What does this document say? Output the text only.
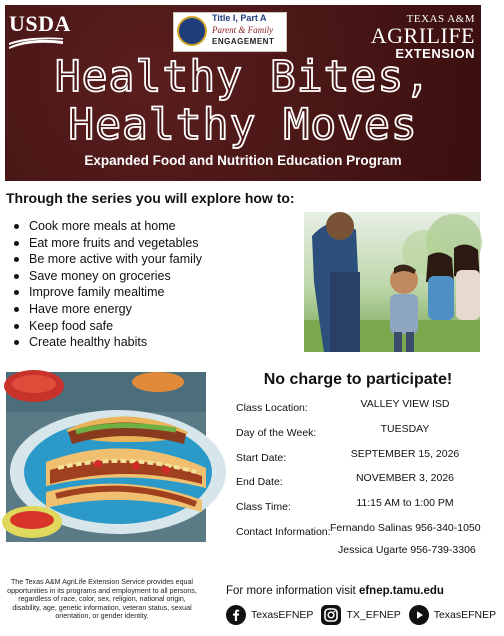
USDA	Title I, Part A
Parent & Family
ENGAGEMENT
TEXAS A&M
AGRILIFE
EXTENSION
Healthy Bites,
Healthy Moves
Expanded Food and Nutrition Education Program
Through the series you will explore how to:
Cook more meals at home
Eat more fruits and vegetables
Be more active with your family
Save money on groceries
Improve family mealtime
Have more energy
Keep food safe
Create healthy habits
No charge to participate!
Class Location:	VALLEY VIEW ISD
Day of the Week:	TUESDAY
Start Date:	SEPTEMBER 15, 2026
End Date:	NOVEMBER 3, 2026
Class Time:	11:15 AM to 1:00 PM
Contact Information: Fernando Salinas 956-340-1050
Jessica Ugarte 956-739-3306
The Texas A&M AgriLife Extension Service provides equal opportunities in its programs and employment to all persons, regardless of race, color, sex, religion, national origin, disability, age, genetic information, veteran status, sexual orientation, or gender identity.
For more information visit efnep.tamu.edu
TexasEFNEP	TX_EFNEP	TexasEFNEP
